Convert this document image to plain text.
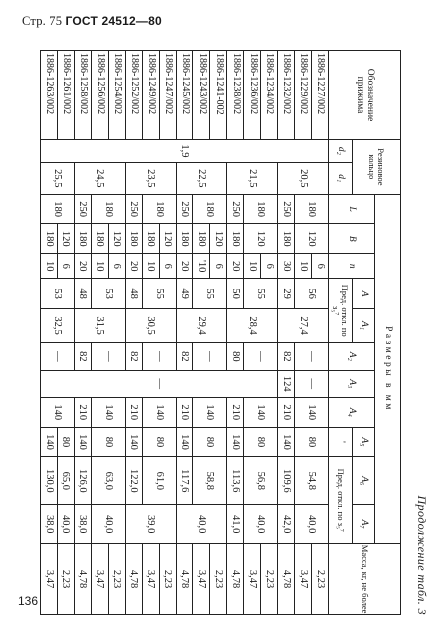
Стр. 75 ГОСТ 24512—80
Продолжение табл. 3
Обозначение прижима	Резиновое кольцо		Размеры в мм											Масса, кг, не более
			L	B	n	A	A₁	A₂	A₃	A₄	A₅	A₆	A₇	
	d₂	d₁				Пред. откл. по з₅⁷					'	Пред. откл. по з₅⁷		
1886-1227/002	1,9	20,5	180	120	6	56	27,4	—	—	140	80	54,8	40,0	2,23
1886-1229/002					10									3,47
1886-1232/002			250	180	30	29		82	124	210	140	109,6	42,0	4,78
1886-1234/002		21,5	180	120	6	55	28,4	—	—	140	80	56,8	40,0	2,23
1886-1236/002					10									3,47
1886-1238/002			250	180	20	50		80		210	140	113,6	41,0	4,78
1886-1241-002		22,5	180	120	6	55	29,4	—		140	80	58,8	40,0	2,23
1886-1243/002				180	'10									3,47
1886-1245/002			250	180	20	49		82		210	140	117,6		4,78
1886-1247/002		23,5	180	120	6	55	30,5	—		140	80	61,0	39,0	2,23
1886-1249/002				180	10									3,47
1886-1252/002			250	180	20	48		82		210	140	122,0		4,78
1886-1254/002		24,5	180	120	6	53	31,5	—		140	80	63,0	40,0	2,23
1886-1256/002				180	10									3,47
1886-1258/002			250	180	20	48		82		210	140	126,0	38,0	4,78
1886-1261/002		25,5	180	120	6	53	32,5	—		140	80	65,0	40,0	2,23
1886-1263/002				180	10						140	130,0	38,0	3,47
136
